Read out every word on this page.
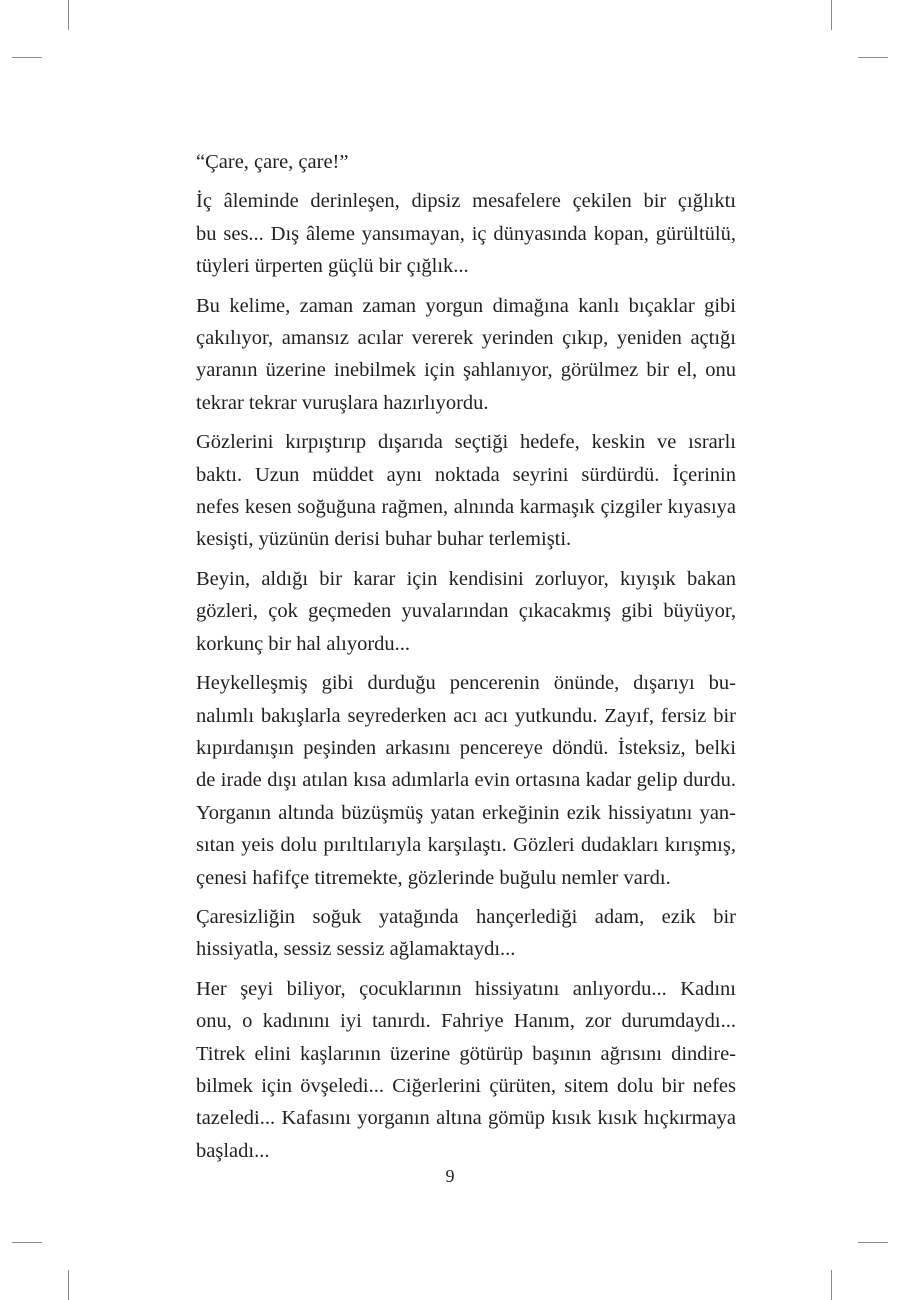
“Çare, çare, çare!”

İç âleminde derinleşen, dipsiz mesafelere çekilen bir çığlıktı
bu ses... Dış âleme yansımayan, iç dünyasında kopan, gürültülü,
tüyleri ürperten güçlü bir çığlık...

Bu kelime, zaman zaman yorgun dimağına kanlı bıçaklar gibi
çakılıyor, amansız acılar vererek yerinden çıkıp, yeniden açtığı
yaranın üzerine inebilmek için şahlanıyor, görülmez bir el, onu
tekrar tekrar vuruşlara hazırlıyordu.

Gözlerini kırpıştırıp dışarıda seçtiği hedefe, keskin ve ısrarlı
baktı. Uzun müddet aynı noktada seyrini sürdürdü. İçerinin
nefes kesen soğuğuna rağmen, alnında karmaşık çizgiler kıyasıya
kesişti, yüzünün derisi buhar buhar terlemişti.

Beyin, aldığı bir karar için kendisini zorluyor, kıyışık bakan
gözleri, çok geçmeden yuvalarından çıkacakmış gibi büyüyor,
korkunç bir hal alıyordu...

Heykelleşmiş gibi durduğu pencerenin önünde, dışarıyı bu-
nalımlı bakışlarla seyrederken acı acı yutkundu. Zayıf, fersiz bir
kıpırdanışın peşinden arkasını pencereye döndü. İsteksiz, belki
de irade dışı atılan kısa adımlarla evin ortasına kadar gelip durdu.
Yorganın altında büzüşmüş yatan erkeğinin ezik hissiyatını yan-
sıtan yeis dolu pırıltılarıyla karşılaştı. Gözleri dudakları kırışmış,
çenesi hafifçe titremekte, gözlerinde buğulu nemler vardı.

Çaresizliğin soğuk yatağında hançerlediği adam, ezik bir
hissiyatla, sessiz sessiz ağlamaktaydı...

Her şeyi biliyor, çocuklarının hissiyatını anlıyordu... Kadını
onu, o kadınını iyi tanırdı. Fahriye Hanım, zor durumdaydı...
Titrek elini kaşlarının üzerine götürüp başının ağrısını dindire-
bilmek için övşeledi... Ciğerlerini çürüten, sitem dolu bir nefes
tazeledi... Kafasını yorganın altına gömüp kısık kısık hıçkırmaya
başladı...

9
